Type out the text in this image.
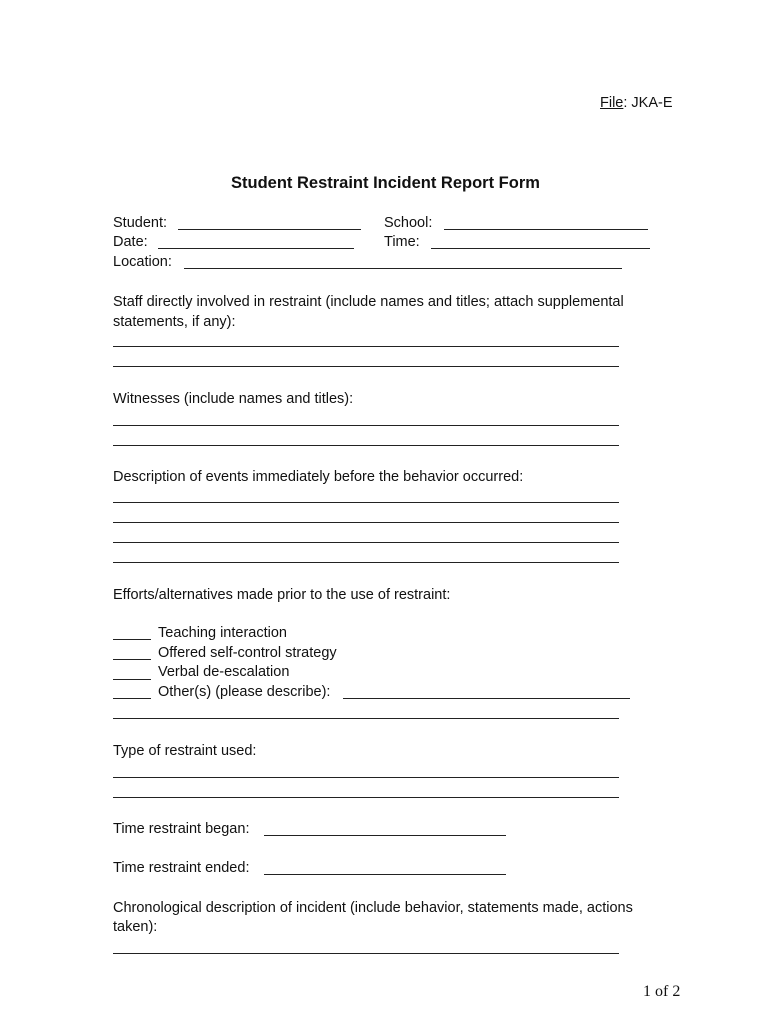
File: JKA-E
Student Restraint Incident Report Form
Student:	School:
Date:	Time:
Location:
Staff directly involved in restraint (include names and titles; attach supplemental
statements, if any):
Witnesses (include names and titles):
Description of events immediately before the behavior occurred:
Efforts/alternatives made prior to the use of restraint:
Teaching interaction
Offered self-control strategy
Verbal de-escalation
Other(s) (please describe):
Type of restraint used:
Time restraint began:
Time restraint ended:
Chronological description of incident (include behavior, statements made, actions
taken):
1 of 2
